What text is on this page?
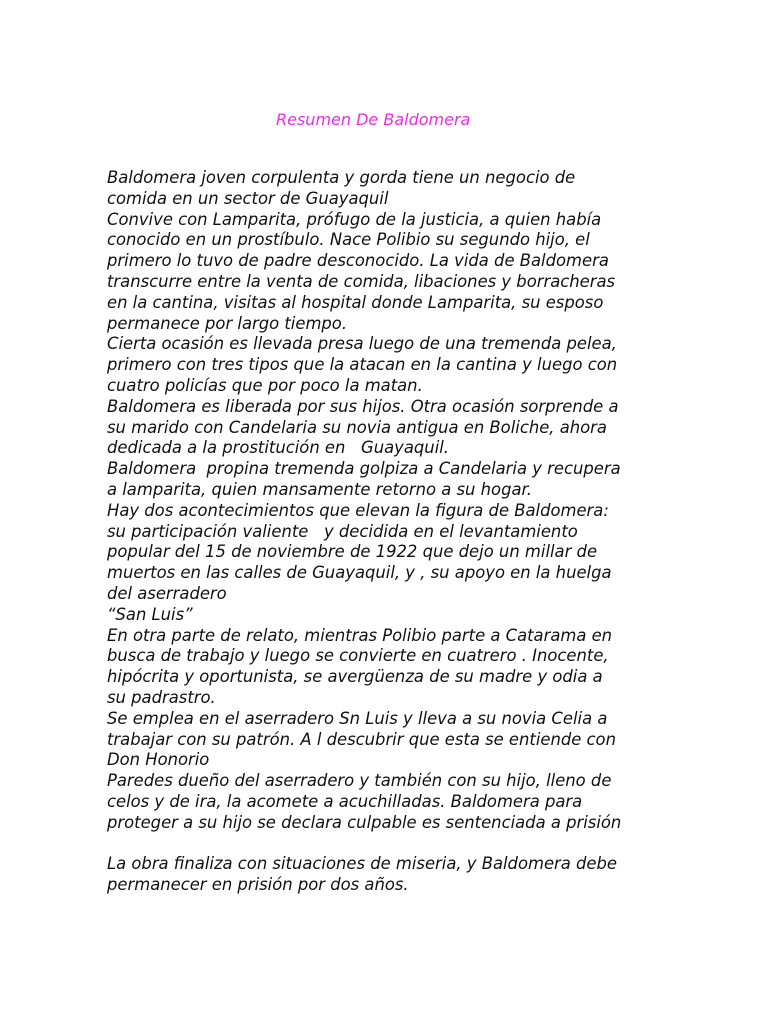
Resumen De Baldomera
Baldomera joven corpulenta y gorda tiene un negocio de
comida en un sector de Guayaquil
Convive con Lamparita, prófugo de la justicia, a quien había
conocido en un prostíbulo. Nace Polibio su segundo hijo, el
primero lo tuvo de padre desconocido. La vida de Baldomera
transcurre entre la venta de comida, libaciones y borracheras
en la cantina, visitas al hospital donde Lamparita, su esposo
permanece por largo tiempo.
Cierta ocasión es llevada presa luego de una tremenda pelea,
primero con tres tipos que la atacan en la cantina y luego con
cuatro policías que por poco la matan.
Baldomera es liberada por sus hijos. Otra ocasión sorprende a
su marido con Candelaria su novia antigua en Boliche, ahora
dedicada a la prostitución en   Guayaquil.
Baldomera  propina tremenda golpiza a Candelaria y recupera
a lamparita, quien mansamente retorno a su hogar.
Hay dos acontecimientos que elevan la figura de Baldomera:
su participación valiente   y decidida en el levantamiento
popular del 15 de noviembre de 1922 que dejo un millar de
muertos en las calles de Guayaquil, y , su apoyo en la huelga
del aserradero
“San Luis”
En otra parte de relato, mientras Polibio parte a Catarama en
busca de trabajo y luego se convierte en cuatrero . Inocente,
hipócrita y oportunista, se avergüenza de su madre y odia a
su padrastro.
Se emplea en el aserradero Sn Luis y lleva a su novia Celia a
trabajar con su patrón. A l descubrir que esta se entiende con
Don Honorio
Paredes dueño del aserradero y también con su hijo, lleno de
celos y de ira, la acomete a acuchilladas. Baldomera para
proteger a su hijo se declara culpable es sentenciada a prisión
La obra finaliza con situaciones de miseria, y Baldomera debe
permanecer en prisión por dos años.
